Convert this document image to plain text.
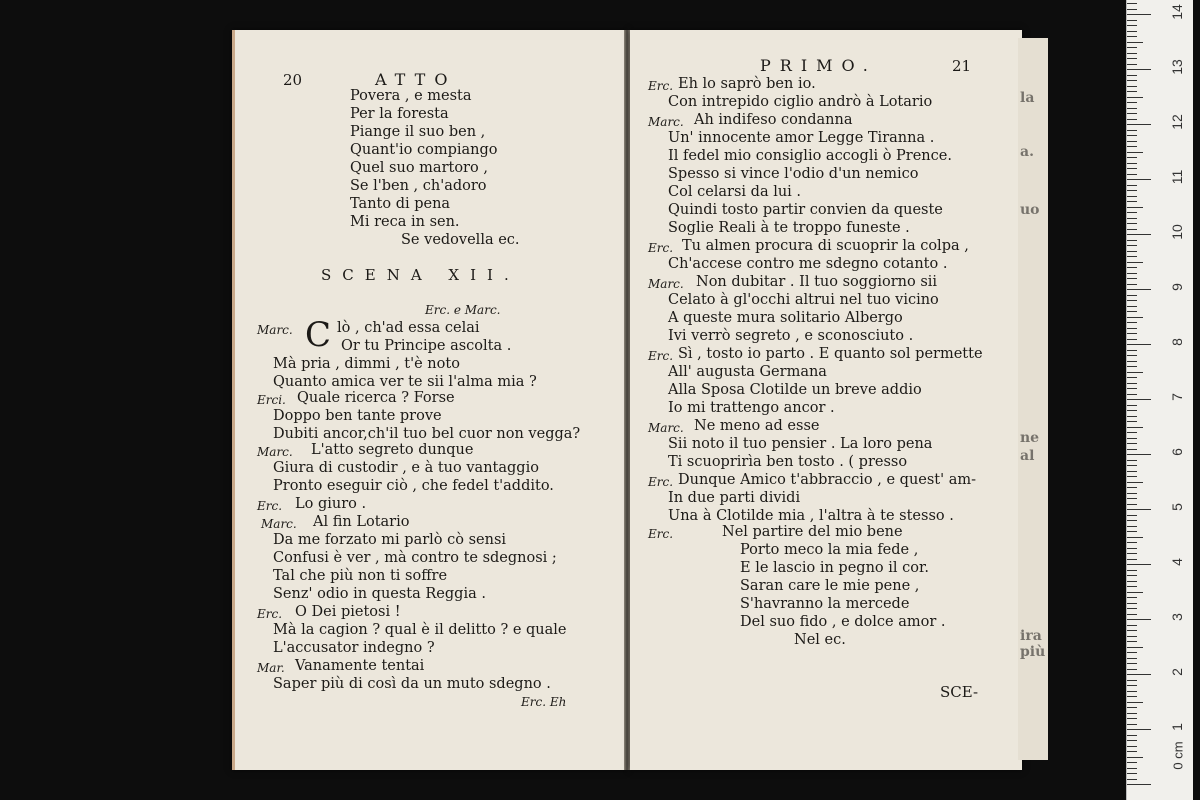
20	ATTO
Povera , e mesta
Per la foresta
Piange il suo ben ,
Quant'io compiango
Quel suo martoro ,
Se l'ben , ch'adoro
Tanto di pena
Mi reca in sen.
Se vedovella ec.
SCENA XII.
Erc. e Marc.
C
Marc.	lò , ch'ad essa celai
Or tu Principe ascolta .
Mà pria , dimmi , t'è noto
Quanto amica ver te sii l'alma mia ?
Erci. Quale ricerca ? Forse
Doppo ben tante prove
Dubiti ancor,ch'il tuo bel cuor non vegga?
Marc. L'atto segreto dunque
Giura di custodir , e à tuo vantaggio
Pronto eseguir ciò , che fedel t'addito.
Erc. Lo giuro .
Marc. Al fin Lotario
Da me forzato mi parlò cò sensi
Confusi è ver , mà contro te sdegnosi ;
Tal che più non ti soffre
Senz' odio in questa Reggia .
Erc. O Dei pietosi !
Mà la cagion ? qual è il delitto ? e quale
L'accusator indegno ?
Mar. Vanamente tentai
Saper più di così da un muto sdegno .
Erc. Eh
PRIMO.	21
Erc. Eh lo saprò ben io.
Con intrepido ciglio andrò à Lotario
Marc. Ah indifeso condanna
Un' innocente amor Legge Tiranna .
Il fedel mio consiglio accogli ò Prence.
Spesso si vince l'odio d'un nemico
Col celarsi da lui .
Quindi tosto partir convien da queste
Soglie Reali à te troppo funeste .
Erc. Tu almen procura di scuoprir la colpa ,
Ch'accese contro me sdegno cotanto .
Marc. Non dubitar . Il tuo soggiorno sii
Celato à gl'occhi altrui nel tuo vicino
A queste mura solitario Albergo
Ivi verrò segreto , e sconosciuto .
Erc. Sì , tosto io parto . E quanto sol permette
All' augusta Germana
Alla Sposa Clotilde un breve addio
Io mi trattengo ancor .
Marc. Ne meno ad esse
Sii noto il tuo pensier . La loro pena
Ti scuoprirìa ben tosto . ( presso
Erc. Dunque Amico t'abbraccio , e quest' am-
In due parti dividi
Una à Clotilde mia , l'altra à te stesso .
Erc.	Nel partire del mio bene
Porto meco la mia fede ,
E le lascio in pegno il cor.
Saran care le mie pene ,
S'havranno la mercede
Del suo fido , e dolce amor .
Nel ec.
SCE-
la
a.
uo
ne
al
ira
più
14
13
12
11
10
9
8
7
6
5
4
3
2
1
0 cm
